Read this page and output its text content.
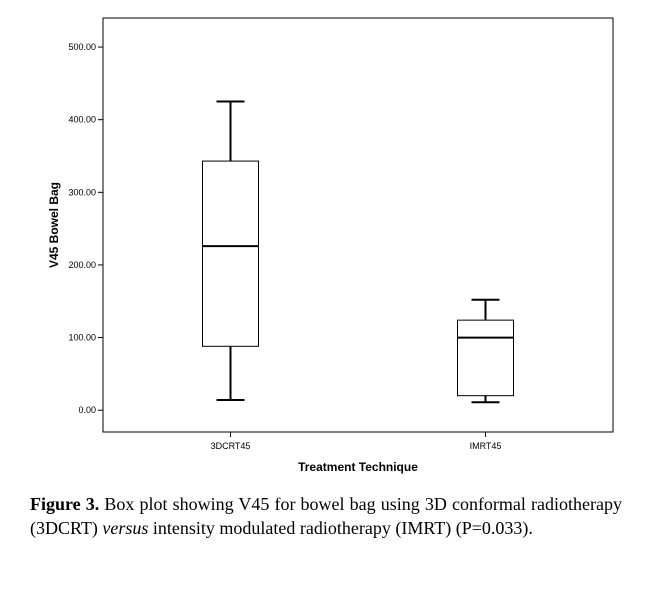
0.00
100.00
200.00
300.00
400.00
500.00
3DCRT45	IMRT45
V45 Bowel Bag
Treatment Technique
Figure 3. Box plot showing V45 for bowel bag using 3D conformal radiotherapy (3DCRT) versus intensity modulated radiotherapy (IMRT) (P=0.033).
